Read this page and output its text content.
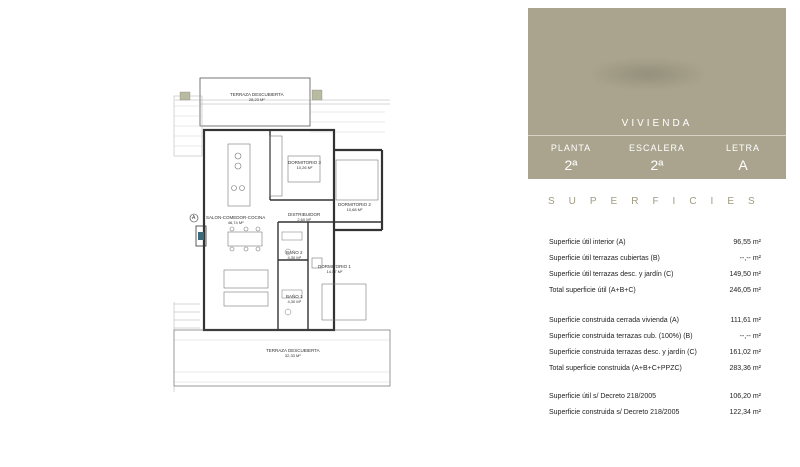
TERRAZA DESCUBIERTA
28,23 M²
DORMITORIO 3
10,26 M²
DORMITORIO 2
10,68 M²
SALON-COMEDOR-COCINA
46,74 M²
DISTRIBUIDOR
2,60 M²
BAÑO 2
4,30 M²
DORMITORIO 1
14,57 M²
BAÑO 1
4,30 M²
TERRAZA DESCUBIERTA
32,33 M²
A
VIVIENDA
PLANTA
2ª
ESCALERA
2ª
LETRA
A
SUPERFICIES
Superficie útil interior (A)	96,55 m²
Superficie útil terrazas cubiertas (B)	--,-- m²
Superficie útil terrazas desc. y jardín (C)	149,50 m²
Total superficie útil (A+B+C)	246,05 m²
Superficie construida cerrada vivienda (A)	111,61 m²
Superficie construida terrazas cub. (100%) (B)	--,-- m²
Superficie construida terrazas desc. y jardín (C)	161,02 m²
Total superficie construida (A+B+C+PPZC)	283,36 m²
Superficie útil s/ Decreto 218/2005	106,20 m²
Superficie construida s/ Decreto 218/2005	122,34 m²
